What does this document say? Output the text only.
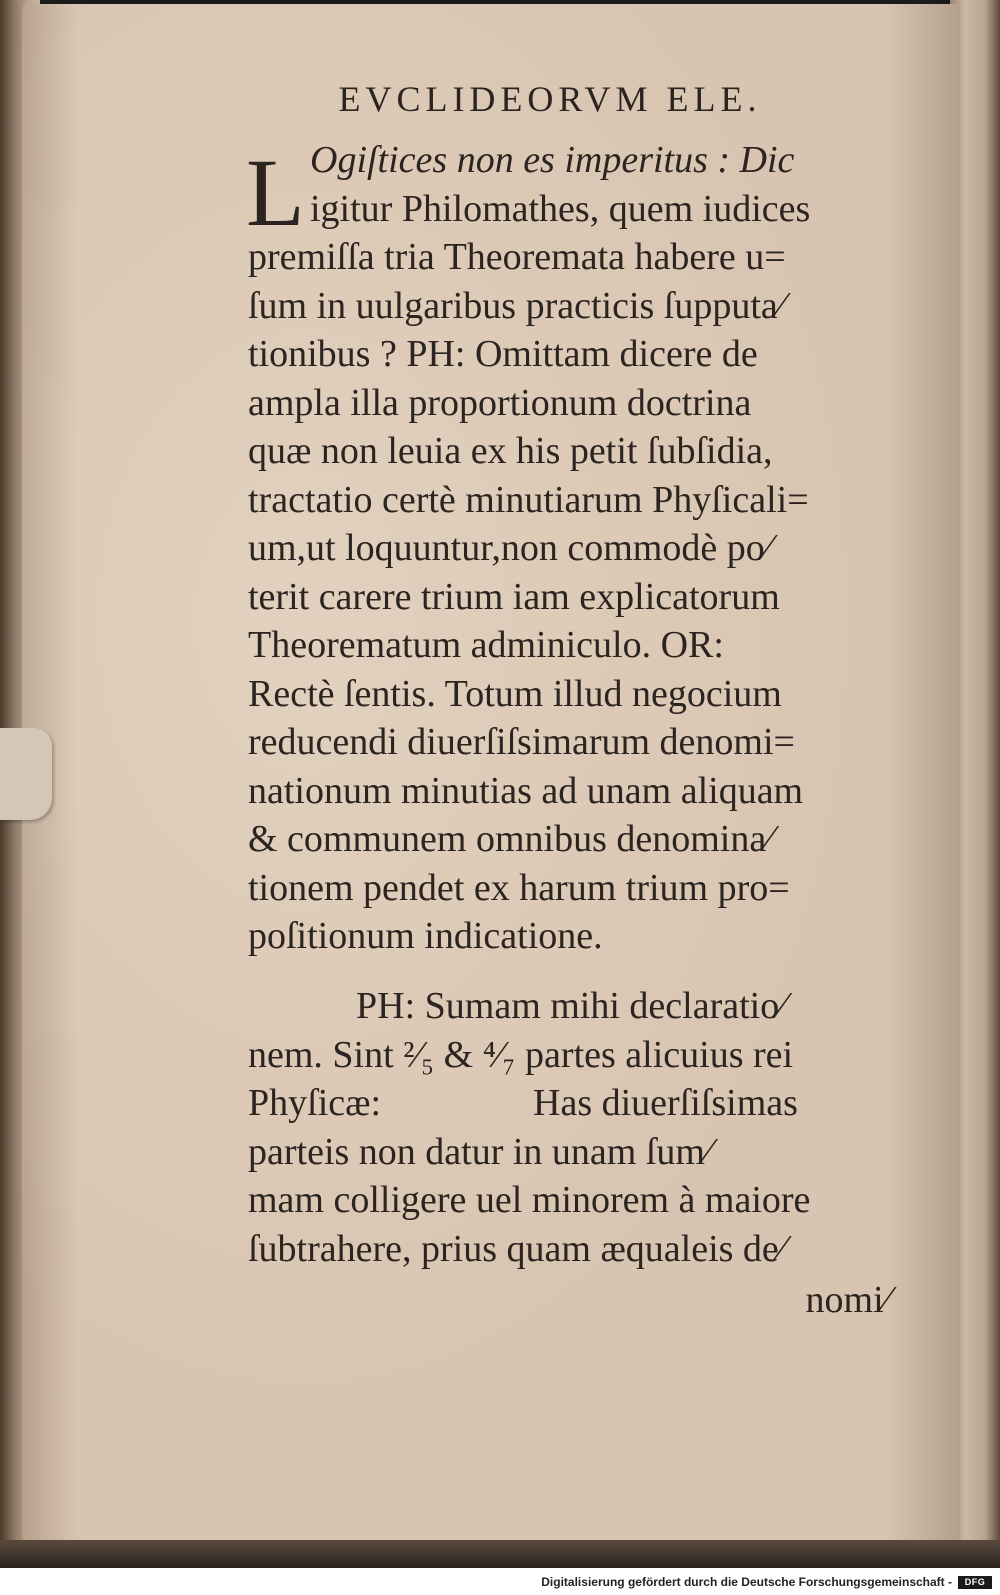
EVCLIDEORVM ELE.
L Ogiſtices non es imperitus : Dic
igitur Philomathes, quem iudices
premiſſa tria Theoremata habere u=
ſum in uulgaribus practicis ſupputa⁄
tionibus ? PH: Omittam dicere de
ampla illa proportionum doctrina
quæ non leuia ex his petit ſubſidia,
tractatio certè minutiarum Phyſicali=
um,ut loquuntur,non commodè po⁄
terit carere trium iam explicatorum
Theorematum adminiculo. OR:
Rectè ſentis. Totum illud negocium
reducendi diuerſiſsimarum denomi=
nationum minutias ad unam aliquam
& communem omnibus denomina⁄
tionem pendet ex harum trium pro=
poſitionum indicatione.
PH: Sumam mihi declaratio⁄
nem. Sint ²⁄₅ & ⁴⁄₇ partes alicuius rei
Phyſicæ:                Has diuerſiſsimas
parteis non datur in unam ſum⁄
mam colligere uel minorem à maiore
ſubtrahere, prius quam æqualeis de⁄
nomi⁄
Digitalisierung gefördert durch die Deutsche Forschungsgemeinschaft -	DFG
